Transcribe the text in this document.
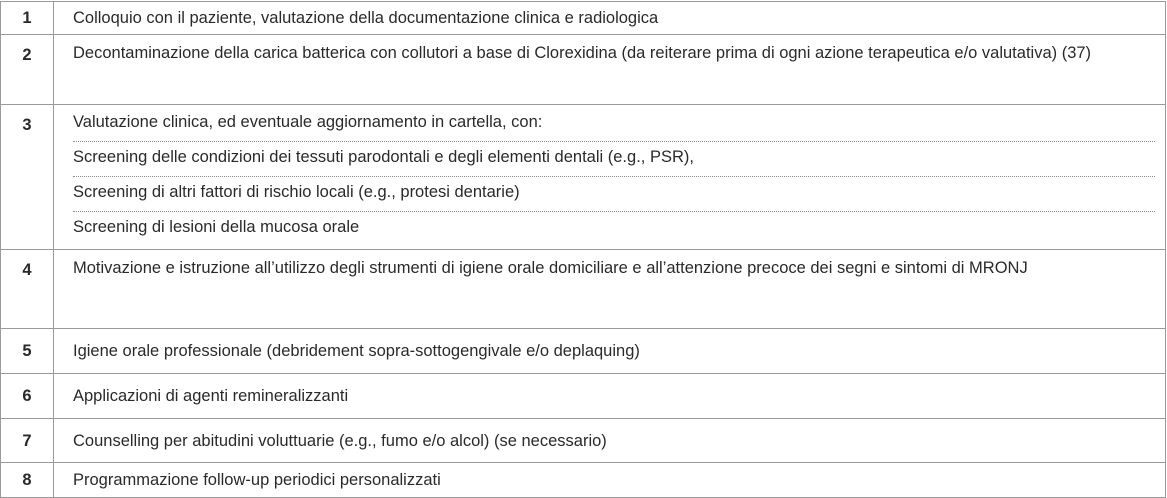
1	Colloquio con il paziente, valutazione della documentazione clinica e radiologica
2	Decontaminazione della carica batterica con collutori a base di Clorexidina (da reiterare prima di ogni azione terapeutica e/o valutativa) (37)
3	Valutazione clinica, ed eventuale aggiornamento in cartella, con:
Screening delle condizioni dei tessuti parodontali e degli elementi dentali (e.g., PSR),
Screening di altri fattori di rischio locali (e.g., protesi dentarie)
Screening di lesioni della mucosa orale

4	Motivazione e istruzione all’utilizzo degli strumenti di igiene orale domiciliare e all’attenzione precoce dei segni e sintomi di MRONJ
5	Igiene orale professionale (debridement sopra-sottogengivale e/o deplaquing)
6	Applicazioni di agenti remineralizzanti
7	Counselling per abitudini voluttuarie (e.g., fumo e/o alcol) (se necessario)
8	Programmazione follow-up periodici personalizzati
